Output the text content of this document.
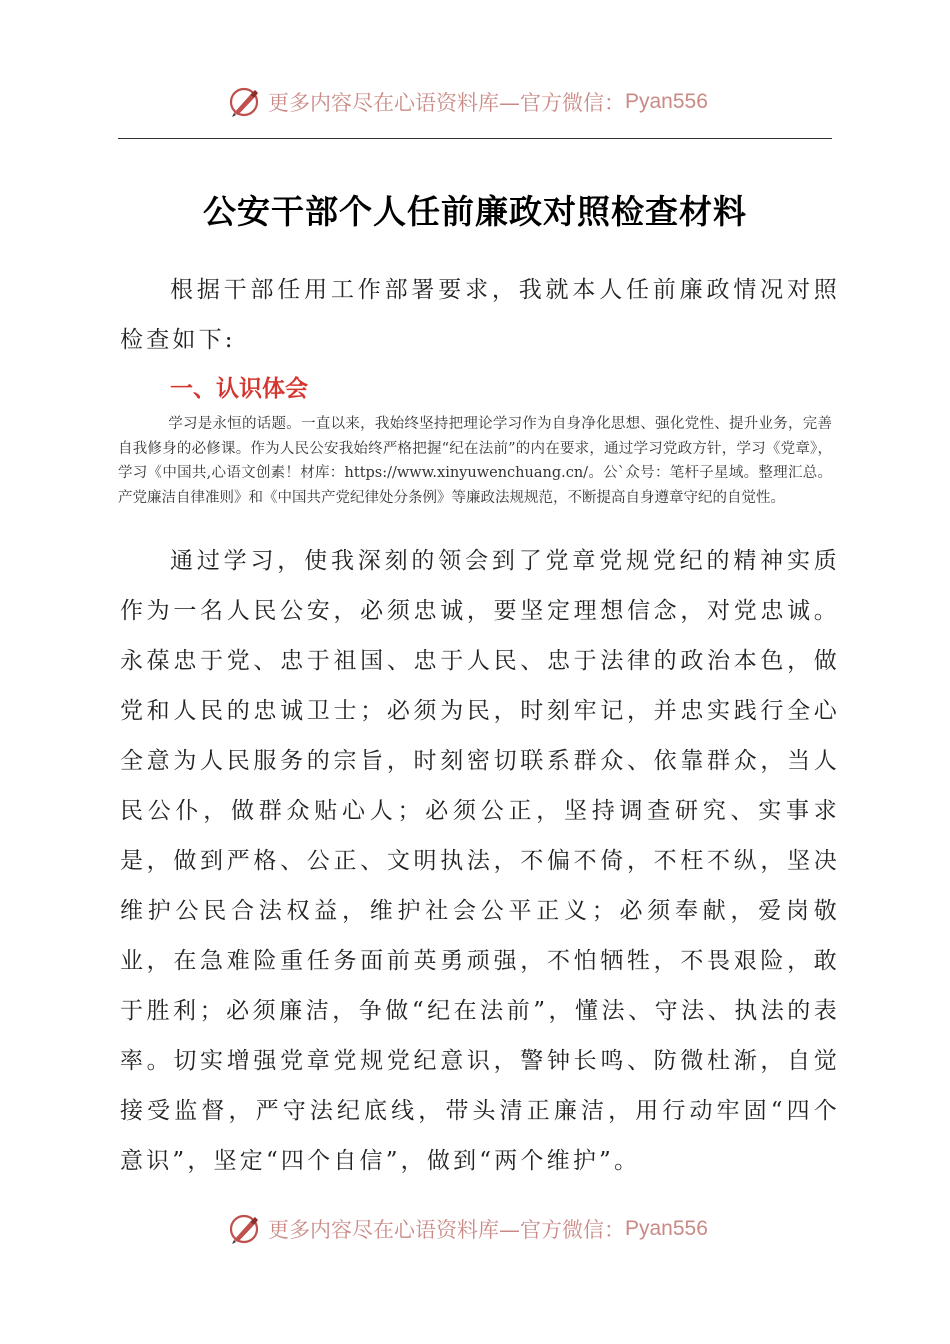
更多内容尽在心语资料库—官方微信： Pyan556
公安干部个人任前廉政对照检查材料
根据干部任用工作部署要求，我就本人任前廉政情况对照检查如下:
一、认识体会
学习是永恒的话题。一直以来，我始终坚持把理论学习作为自身净化思想、强化党性、提升业务，完善自我修身的必修课。作为人民公安我始终严格把握“纪在法前”的内在要求，通过学习党政方针，学习《党章》，学习《中国共,心语文创素！材库：https://www.xinyuwenchuang.cn/。公`众号：笔杆子星域。整理汇总。产党廉洁自律准则》和《中国共产党纪律处分条例》等廉政法规规范，不断提高自身遵章守纪的自觉性。
通过学习，使我深刻的领会到了党章党规党纪的精神实质作为一名人民公安，必须忠诚，要坚定理想信念，对党忠诚。永葆忠于党、忠于祖国、忠于人民、忠于法律的政治本色，做党和人民的忠诚卫士；必须为民，时刻牢记，并忠实践行全心全意为人民服务的宗旨，时刻密切联系群众、依靠群众，当人民公仆，做群众贴心人；必须公正，坚持调查研究、实事求是，做到严格、公正、文明执法，不偏不倚，不枉不纵，坚决维护公民合法权益，维护社会公平正义；必须奉献，爱岗敬业，在急难险重任务面前英勇顽强，不怕牺牲，不畏艰险，敢于胜利；必须廉洁，争做“纪在法前”，懂法、守法、执法的表率。切实增强党章党规党纪意识，警钟长鸣、防微杜渐，自觉接受监督，严守法纪底线，带头清正廉洁，用行动牢固“四个意识”，坚定“四个自信”，做到“两个维护”。
更多内容尽在心语资料库—官方微信： Pyan556
